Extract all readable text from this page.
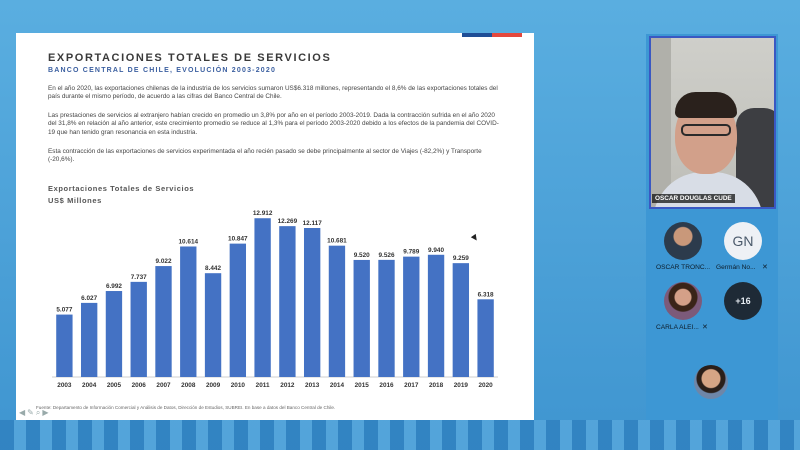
EXPORTACIONES TOTALES DE SERVICIOS
BANCO CENTRAL DE CHILE, EVOLUCIÓN 2003-2020
En el año 2020, las exportaciones chilenas de la industria de los servicios sumaron US$6.318 millones, representando el 8,6% de las exportaciones totales del país durante el mismo período, de acuerdo a las cifras del Banco Central de Chile.
Las prestaciones de servicios al extranjero habían crecido en promedio un 3,8% por año en el período 2003-2019. Dada la contracción sufrida en el año 2020 del 31,8% en relación al año anterior, este crecimiento promedio se reduce al 1,3% para el período 2003-2020 debido a los efectos de la pandemia del COVID-19 que han tenido gran resonancia en esta industria.
Esta contracción de las exportaciones de servicios experimentada el año recién pasado se debe principalmente al sector de Viajes (-82,2%) y Transporte (-20,6%).
Exportaciones Totales de Servicios
US$ Millones
5.077
2003
6.027
2004
6.992
2005
7.737
2006
9.022
2007
10.614
2008
8.442
2009
10.847
2010
12.912
2011
12.269
2012
12.117
2013
10.681
2014
9.520
2015
9.526
2016
9.789
2017
9.940
2018
9.259
2019
6.318
2020
Fuente: Departamento de Información Comercial y Análisis de Datos, Dirección de Estudios, SUBREI. En base a datos del Banco Central de Chile.
◀✎⌕▶
OSCAR DOUGLAS CUDE
OSCAR TRONC...
GN
Germán No... ✕
CARLA ALEI... ✕
+16
